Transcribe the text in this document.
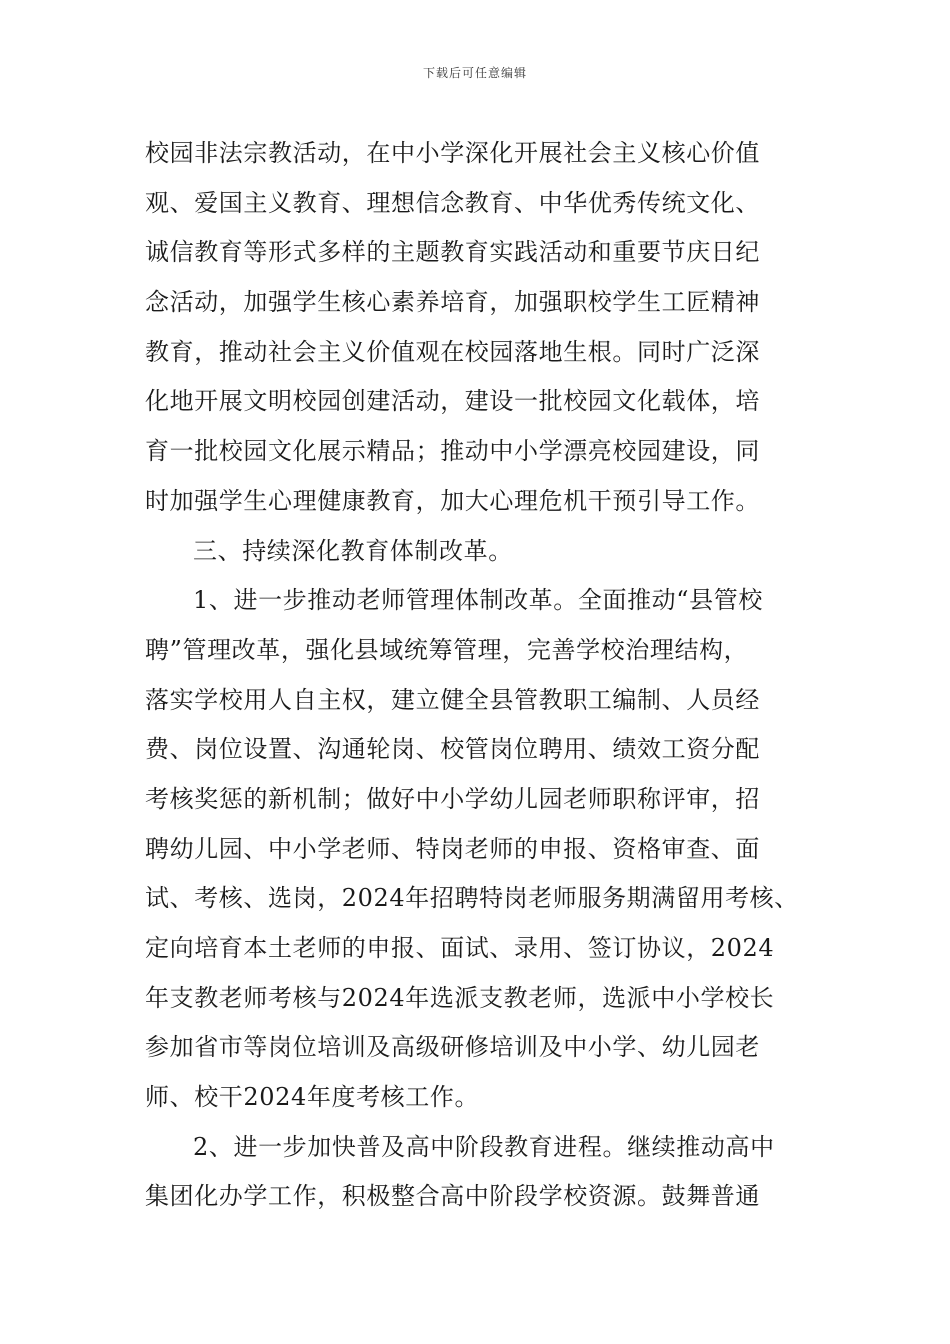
下载后可任意编辑
校园非法宗教活动，在中小学深化开展社会主义核心价值
观、爱国主义教育、理想信念教育、中华优秀传统文化、
诚信教育等形式多样的主题教育实践活动和重要节庆日纪
念活动，加强学生核心素养培育，加强职校学生工匠精神
教育，推动社会主义价值观在校园落地生根。同时广泛深
化地开展文明校园创建活动，建设一批校园文化载体，培
育一批校园文化展示精品；推动中小学漂亮校园建设，同
时加强学生心理健康教育，加大心理危机干预引导工作。
三、持续深化教育体制改革。
1、进一步推动老师管理体制改革。全面推动“县管校
聘”管理改革，强化县域统筹管理，完善学校治理结构，
落实学校用人自主权，建立健全县管教职工编制、人员经
费、岗位设置、沟通轮岗、校管岗位聘用、绩效工资分配
考核奖惩的新机制；做好中小学幼儿园老师职称评审，招
聘幼儿园、中小学老师、特岗老师的申报、资格审查、面
试、考核、选岗，2024年招聘特岗老师服务期满留用考核、
定向培育本土老师的申报、面试、录用、签订协议，2024
年支教老师考核与2024年选派支教老师，选派中小学校长
参加省市等岗位培训及高级研修培训及中小学、幼儿园老
师、校干2024年度考核工作。
2、进一步加快普及高中阶段教育进程。继续推动高中
集团化办学工作，积极整合高中阶段学校资源。鼓舞普通
